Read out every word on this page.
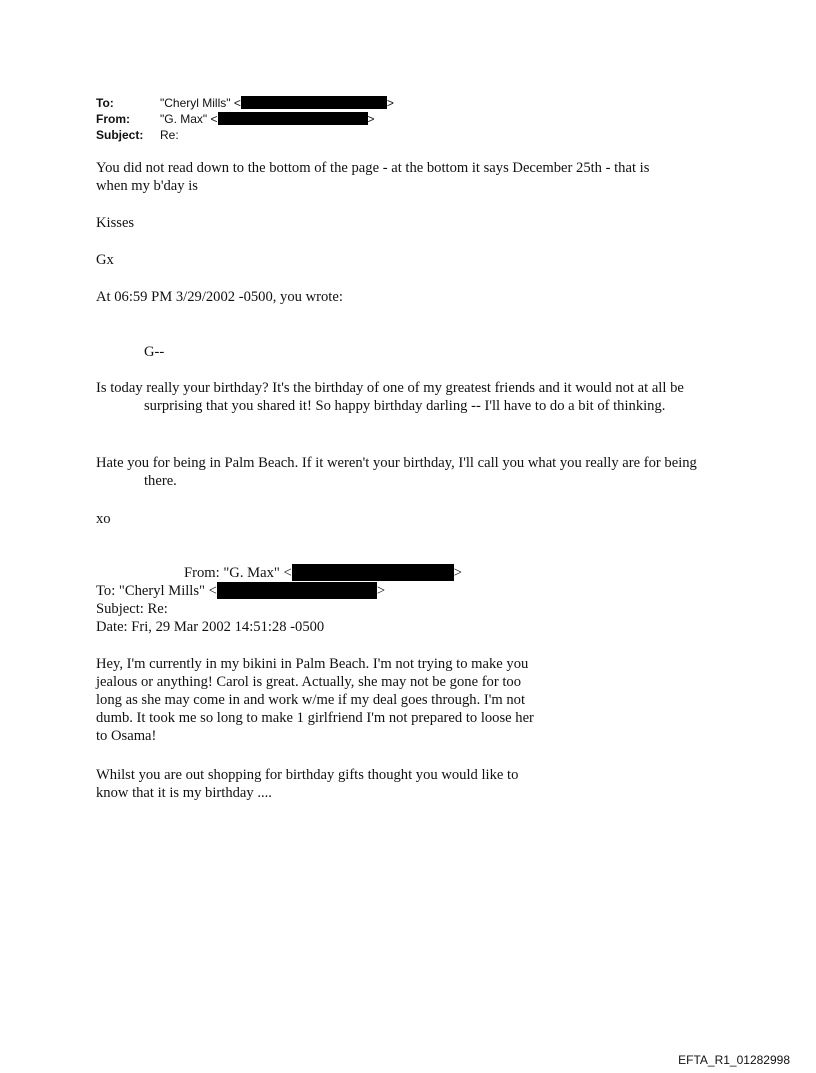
To:	"Cheryl Mills" <	>
From:	"G. Max" <	>
Subject: Re:
You did not read down to the bottom of the page - at the bottom it says December 25th - that is
when my b'day is
Kisses
Gx
At 06:59 PM 3/29/2002 -0500, you wrote:
G--
Is today really your birthday? It's the birthday of one of my greatest friends and it would not at all be surprising that you shared it! So happy birthday darling -- I'll have to do a bit of thinking.
Hate you for being in Palm Beach. If it weren't your birthday, I'll call you what you really are for being there.
xo
From: "G. Max" <	>
To: "Cheryl Mills" <	>
Subject: Re:
Date: Fri, 29 Mar 2002 14:51:28 -0500
Hey, I'm currently in my bikini in Palm Beach. I'm not trying to make you
jealous or anything! Carol is great. Actually, she may not be gone for too
long as she may come in and work w/me if my deal goes through. I'm not
dumb. It took me so long to make 1 girlfriend I'm not prepared to loose her
to Osama!
Whilst you are out shopping for birthday gifts thought you would like to
know that it is my birthday ....
EFTA_R1_01282998
